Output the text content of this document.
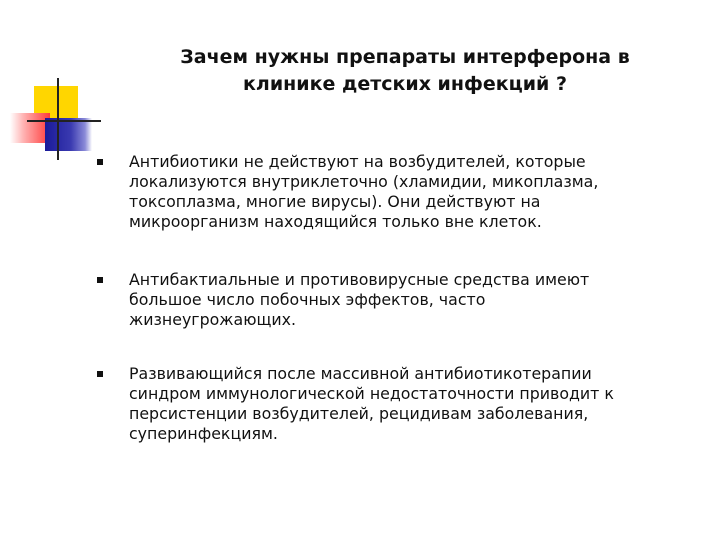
Зачем нужны препараты интерферона в
клинике детских инфекций ?
Антибиотики не действуют на возбудителей, которые
локализуются внутриклеточно (хламидии, микоплазма,
токсоплазма, многие вирусы). Они действуют на
микроорганизм находящийся только вне клеток.
Антибактиальные и противовирусные средства имеют
большое число побочных эффектов, часто
жизнеугрожающих.
Развивающийся после массивной антибиотикотерапии
синдром иммунологической недостаточности приводит к
персистенции возбудителей, рецидивам заболевания,
суперинфекциям.
